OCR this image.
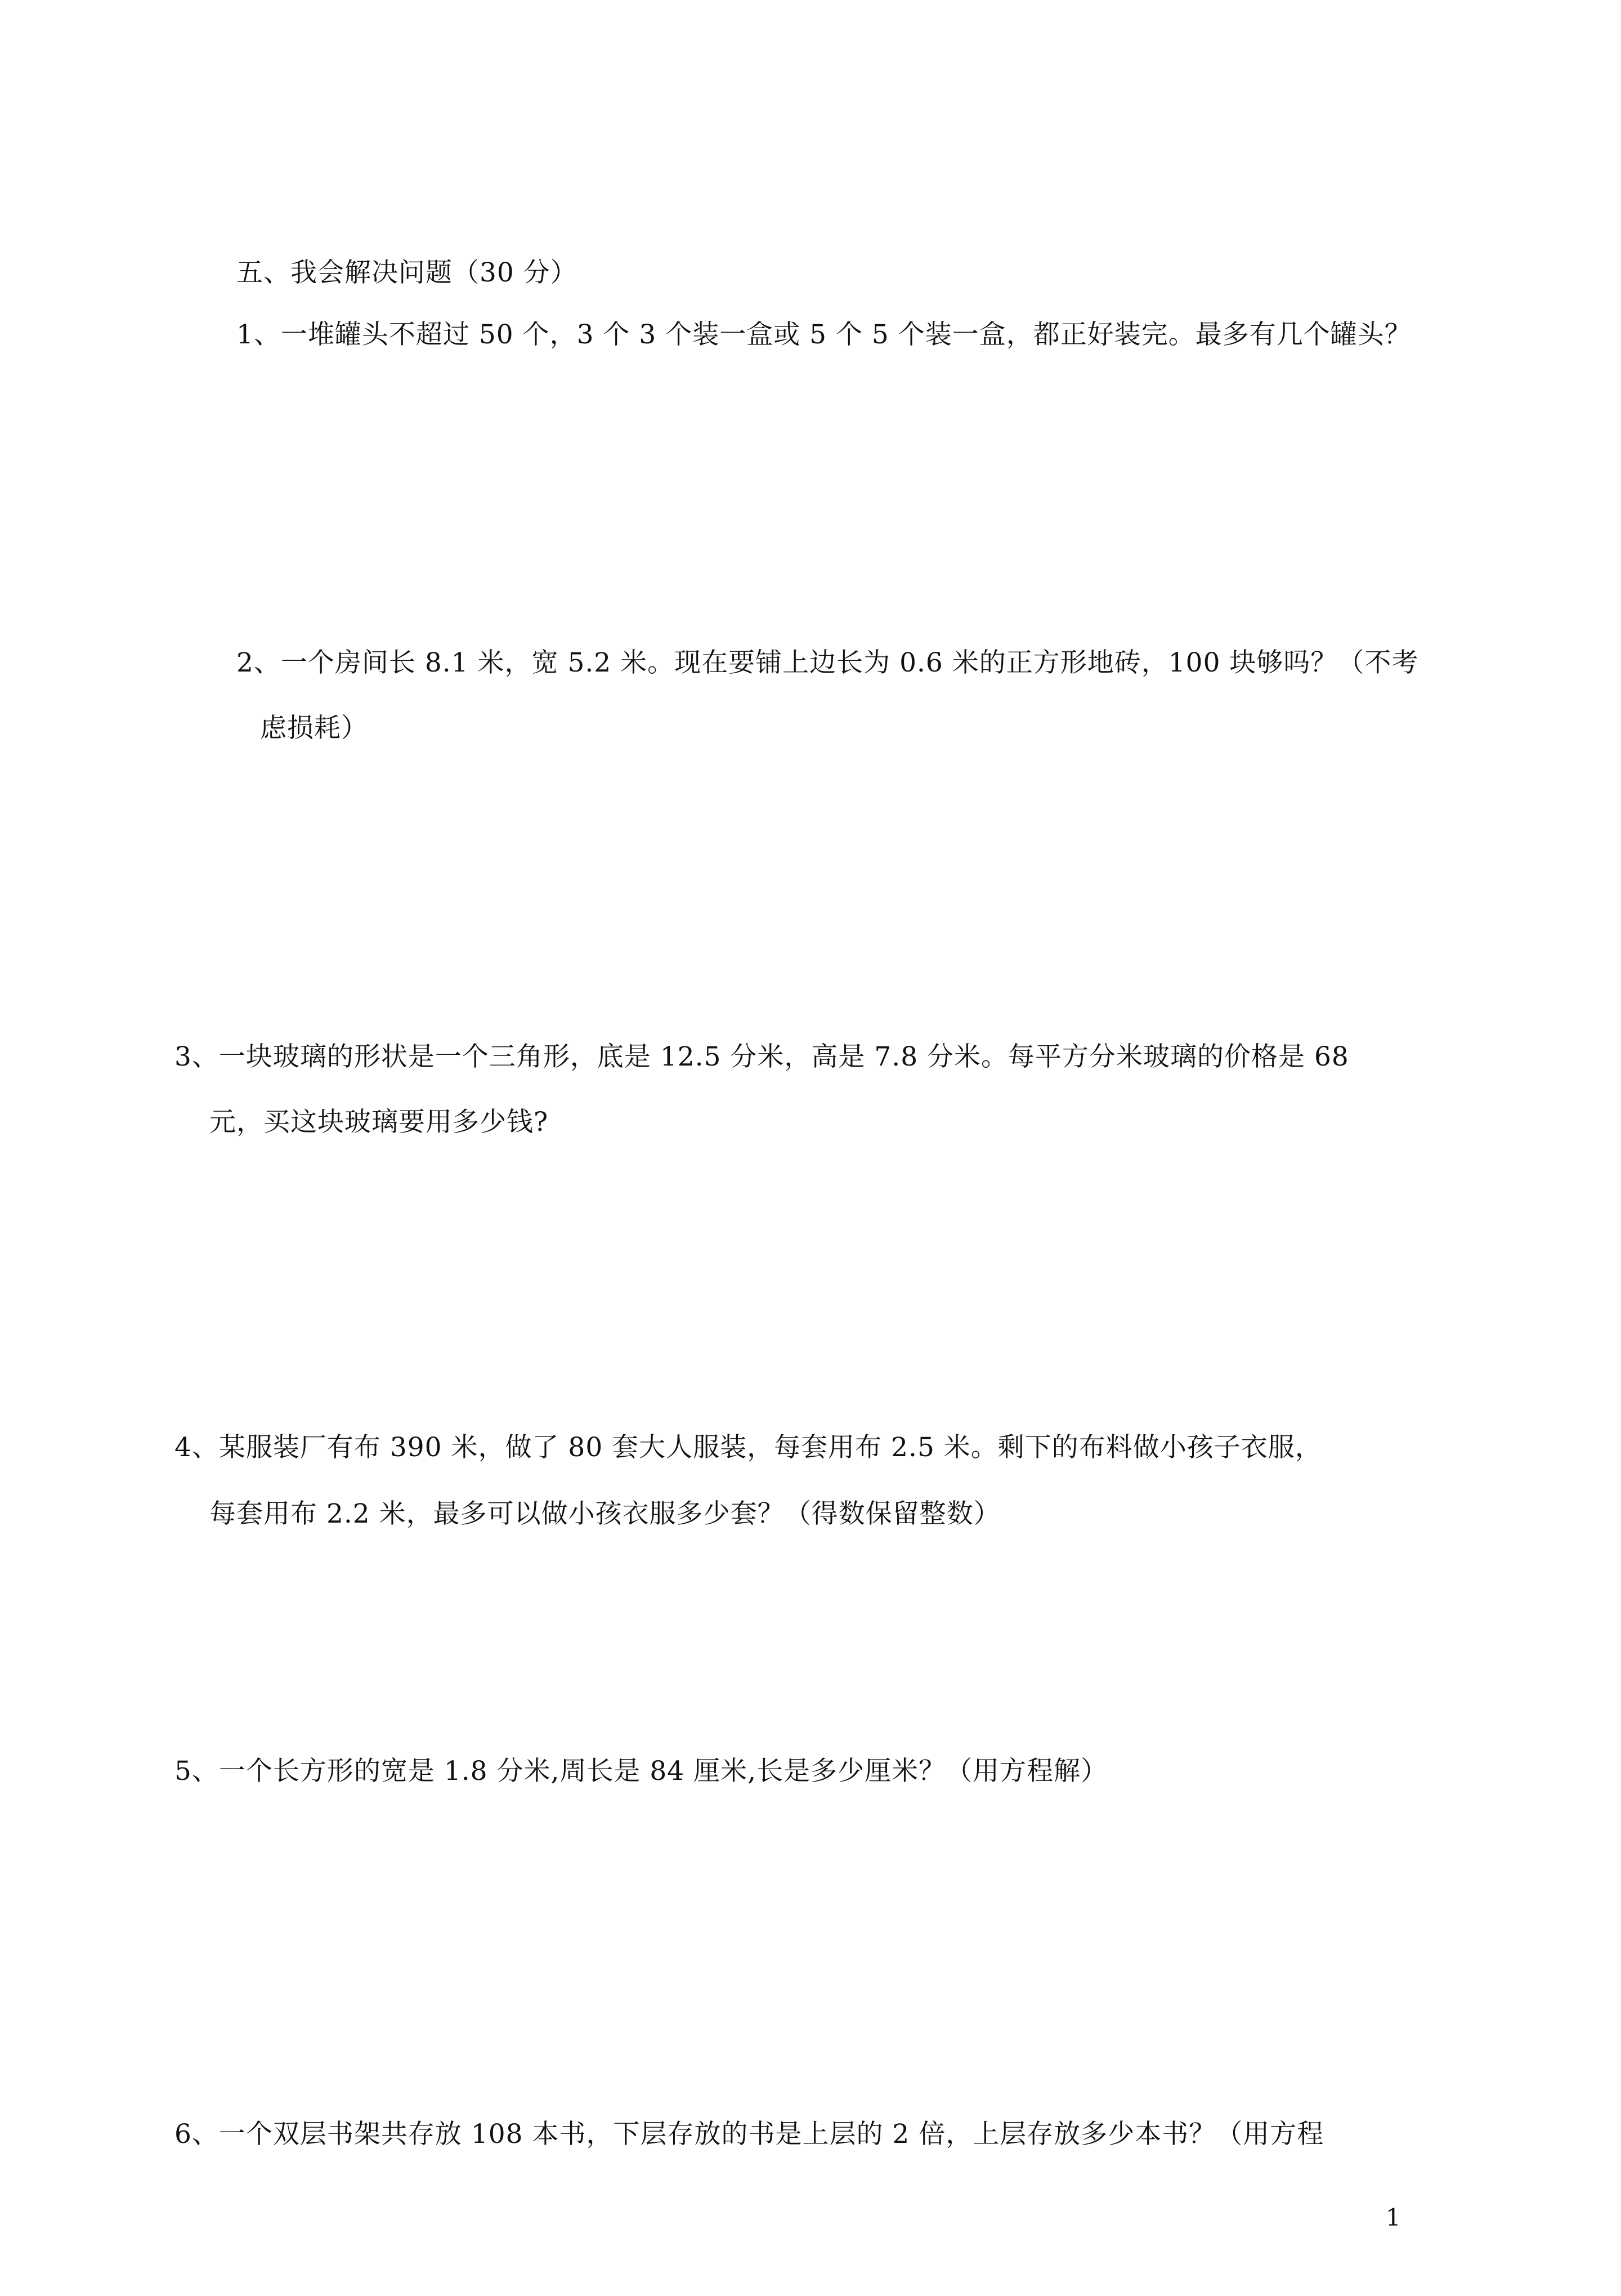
五、我会解决问题（30 分）
1、一堆罐头不超过 50 个，3 个 3 个装一盒或 5 个 5 个装一盒，都正好装完。最多有几个罐头？
2、一个房间长 8.1 米，宽 5.2 米。现在要铺上边长为 0.6 米的正方形地砖，100 块够吗？（不考
虑损耗）
3、一块玻璃的形状是一个三角形，底是 12.5 分米，高是 7.8 分米。每平方分米玻璃的价格是 68
元，买这块玻璃要用多少钱?
4、某服装厂有布 390 米，做了 80 套大人服装，每套用布 2.5 米。剩下的布料做小孩子衣服，
每套用布 2.2 米，最多可以做小孩衣服多少套？（得数保留整数）
5、一个长方形的宽是 1.8 分米,周长是 84 厘米,长是多少厘米？（用方程解）
6、一个双层书架共存放 108 本书，下层存放的书是上层的 2 倍，上层存放多少本书？（用方程
1
